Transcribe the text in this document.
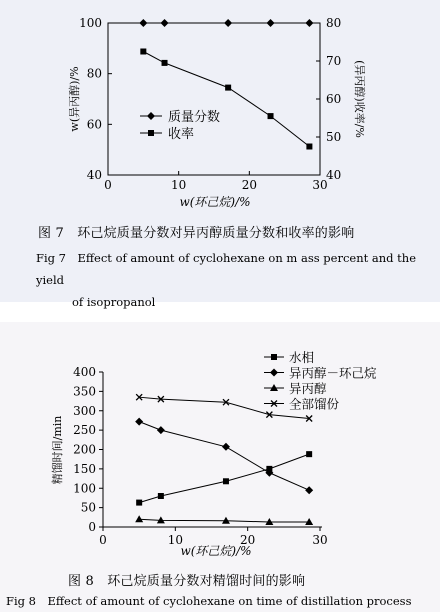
0	10	20	30
40
60
80
100
40
50
60
70
80
w(环己烷)/%
w(异丙醇)/%	(异丙醇)收率/%
质量分数
收率

图 7　环己烷质量分数对异丙醇质量分数和收率的影响

Fig 7　Effect of amount of cyclohexane on m ass percent and the yield
of isopropanol

0	10	20	30
0
50
100
150
200
250
300
350
400
w(环己烷)/%
精馏时间/min
水相
异丙醇－环己烷
异丙醇
全部馏份

图 8　环己烷质量分数对精馏时间的影响

Fig 8　Effect of amount of cyclohexane on time of distillation process
